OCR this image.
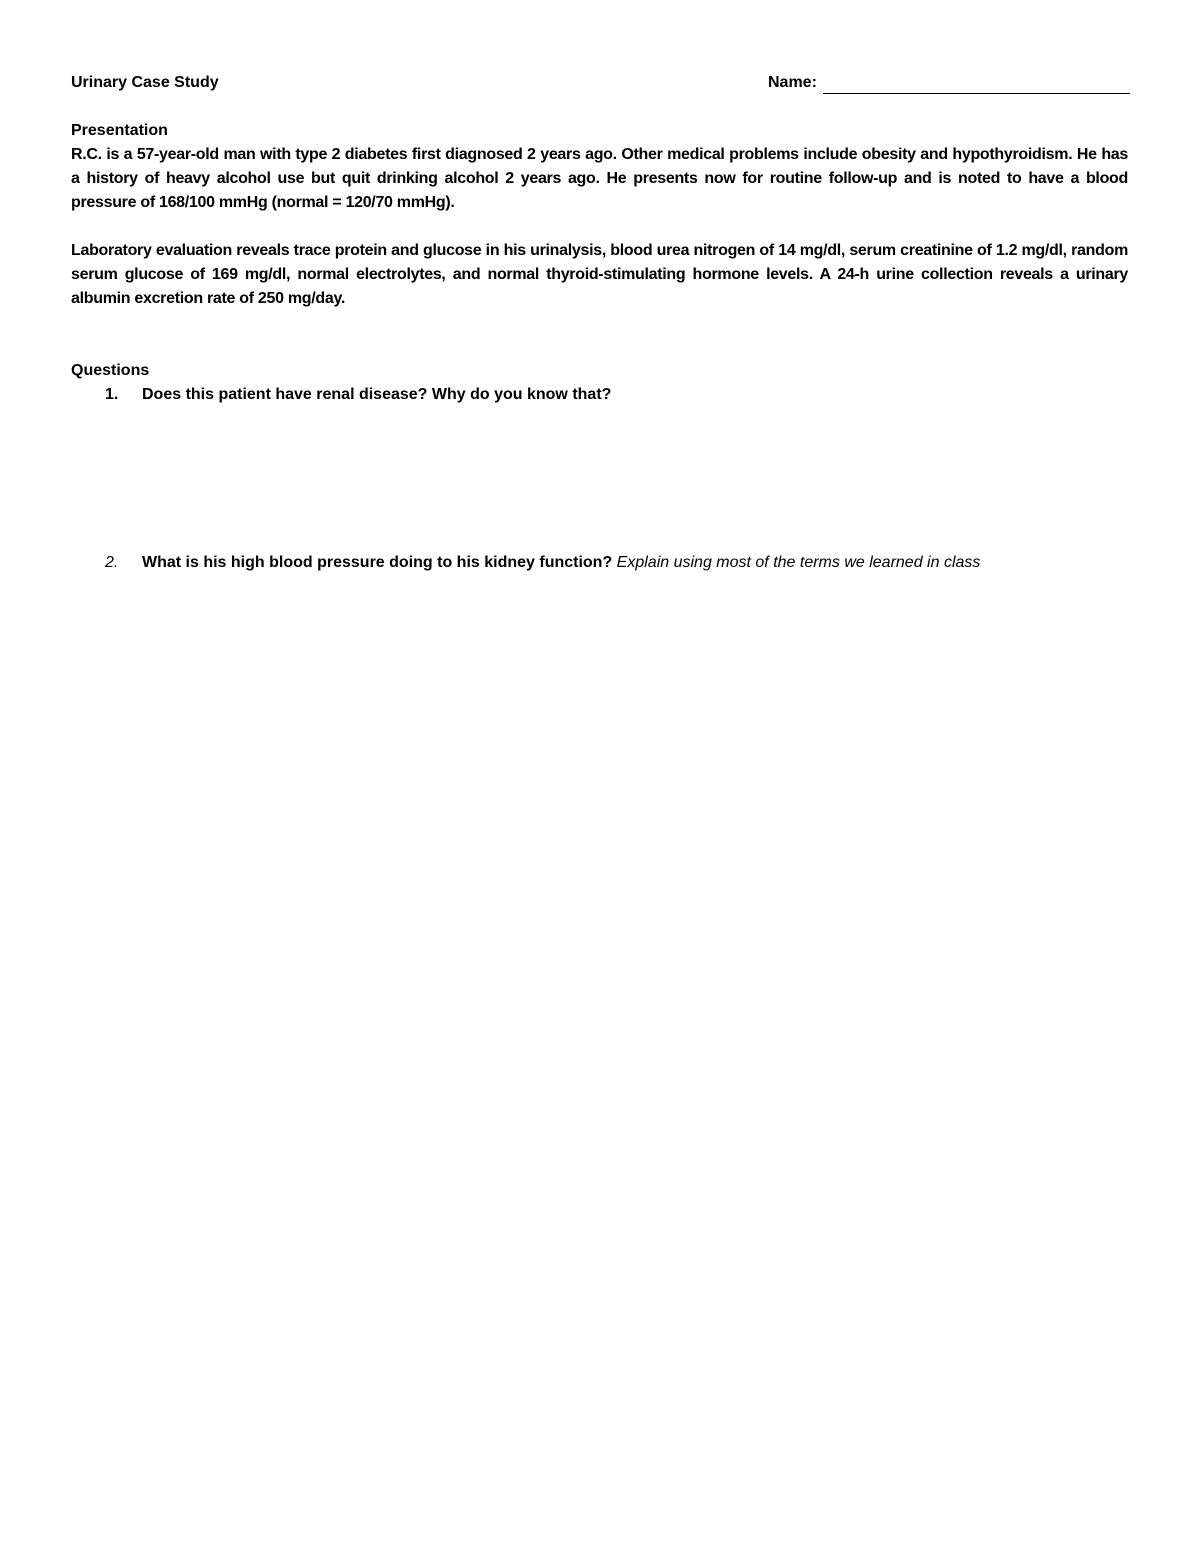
Urinary Case Study	Name:
Presentation
R.C. is a 57-year-old man with type 2 diabetes first diagnosed 2 years ago. Other medical problems include obesity and hypothyroidism. He has a history of heavy alcohol use but quit drinking alcohol 2 years ago. He presents now for routine follow-up and is noted to have a blood pressure of 168/100 mmHg (normal = 120/70 mmHg).
Laboratory evaluation reveals trace protein and glucose in his urinalysis, blood urea nitrogen of 14 mg/dl, serum creatinine of 1.2 mg/dl, random serum glucose of 169 mg/dl, normal electrolytes, and normal thyroid-stimulating hormone levels. A 24-h urine collection reveals a urinary albumin excretion rate of 250 mg/day.
Questions
1.	Does this patient have renal disease? Why do you know that?
2.	What is his high blood pressure doing to his kidney function? Explain using most of the terms we learned in class
